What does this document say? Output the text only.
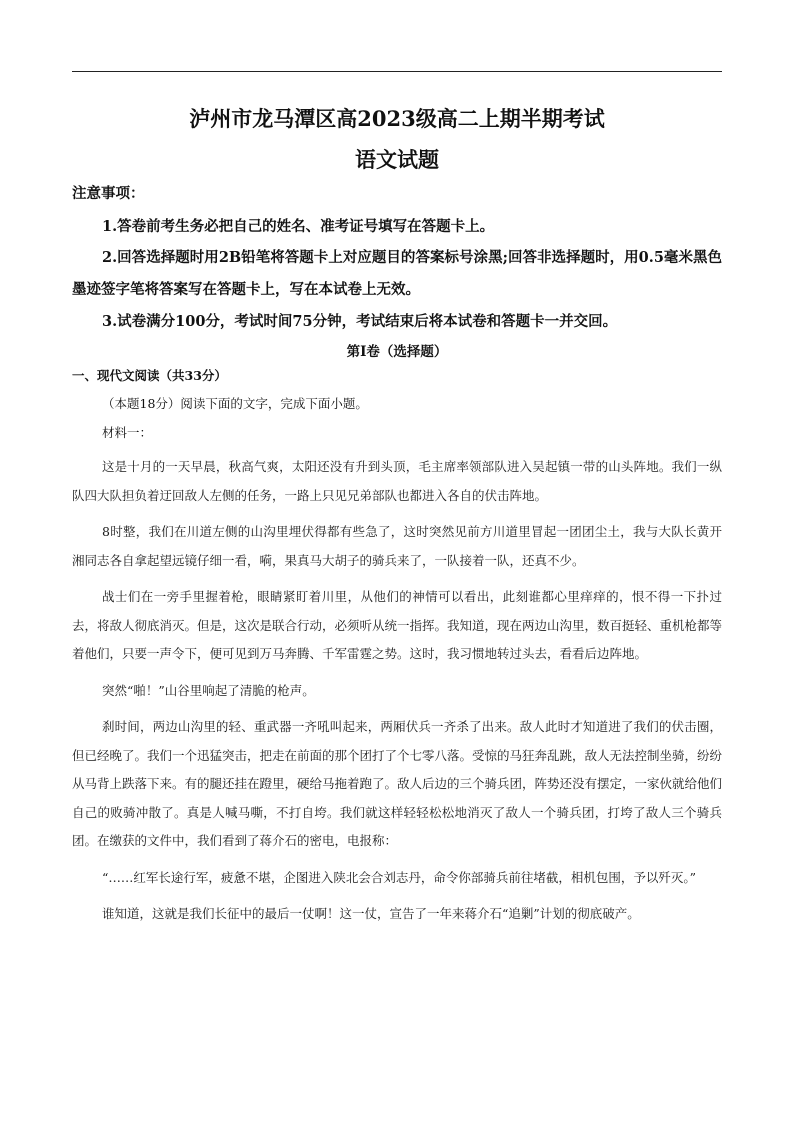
泸州市龙马潭区高2023级高二上期半期考试
语文试题
注意事项：
1.答卷前考生务必把自己的姓名、准考证号填写在答题卡上。
2.回答选择题时用2B铅笔将答题卡上对应题目的答案标号涂黑;回答非选择题时，用0.5毫米黑色墨迹签字笔将答案写在答题卡上，写在本试卷上无效。
3.试卷满分100分，考试时间75分钟，考试结束后将本试卷和答题卡一并交回。
第Ⅰ卷（选择题）
一、现代文阅读（共33分）
（本题18分）阅读下面的文字，完成下面小题。
材料一：

这是十月的一天早晨，秋高气爽，太阳还没有升到头顶，毛主席率领部队进入吴起镇一带的山头阵地。我们一纵队四大队担负着迂回敌人左侧的任务，一路上只见兄弟部队也都进入各自的伏击阵地。

8时整，我们在川道左侧的山沟里埋伏得都有些急了，这时突然见前方川道里冒起一团团尘土，我与大队长黄开湘同志各自拿起望远镜仔细一看，嗬，果真马大胡子的骑兵来了，一队接着一队，还真不少。

战士们在一旁手里握着枪，眼睛紧盯着川里，从他们的神情可以看出，此刻谁都心里痒痒的，恨不得一下扑过去，将敌人彻底消灭。但是，这次是联合行动，必须听从统一指挥。我知道，现在两边山沟里，数百挺轻、重机枪都等着他们，只要一声令下，便可见到万马奔腾、千军雷霆之势。这时，我习惯地转过头去，看看后边阵地。

突然“啪！”山谷里响起了清脆的枪声。

刹时间，两边山沟里的轻、重武器一齐吼叫起来，两厢伏兵一齐杀了出来。敌人此时才知道进了我们的伏击圈，但已经晚了。我们一个迅猛突击，把走在前面的那个团打了个七零八落。受惊的马狂奔乱跳，敌人无法控制坐骑，纷纷从马背上跌落下来。有的腿还挂在蹬里，硬给马拖着跑了。敌人后边的三个骑兵团，阵势还没有摆定，一家伙就给他们自己的败骑冲散了。真是人喊马嘶，不打自垮。我们就这样轻轻松松地消灭了敌人一个骑兵团，打垮了敌人三个骑兵团。在缴获的文件中，我们看到了蒋介石的密电，电报称：

“……红军长途行军，疲惫不堪，企图进入陕北会合刘志丹，命令你部骑兵前往堵截，相机包围，予以歼灭。”

谁知道，这就是我们长征中的最后一仗啊！这一仗，宣告了一年来蒋介石“追剿”计划的彻底破产。
